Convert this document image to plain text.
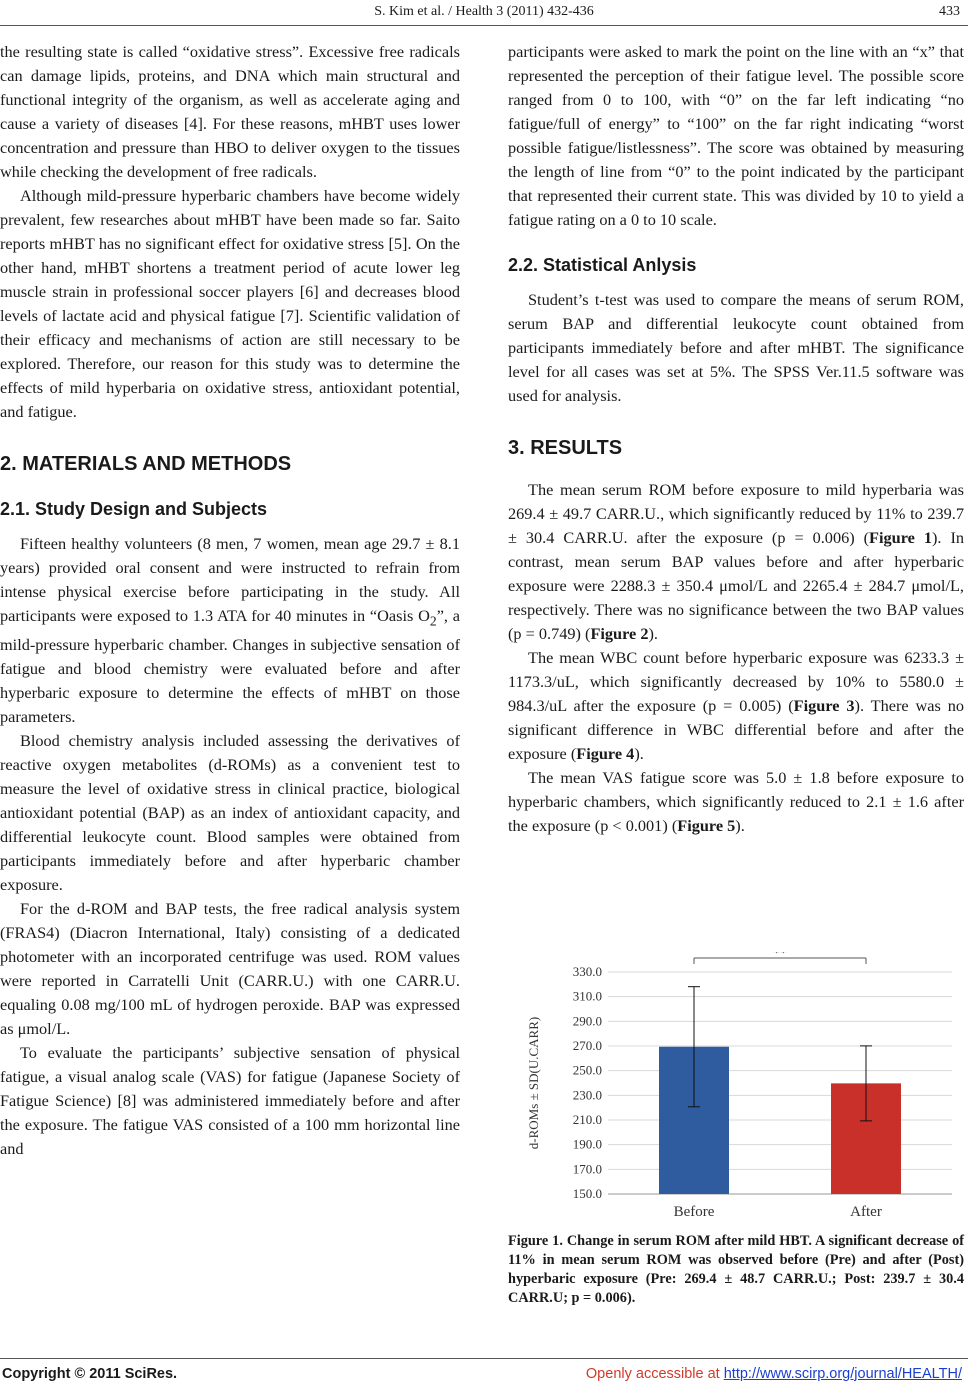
S. Kim et al. / Health 3 (2011) 432-436	433

the resulting state is called “oxidative stress”. Excessive free radicals can damage lipids, proteins, and DNA which main structural and functional integrity of the organism, as well as accelerate aging and cause a variety of diseases [4]. For these reasons, mHBT uses lower concentration and pressure than HBO to deliver oxygen to the tissues while checking the development of free radicals.

Although mild-pressure hyperbaric chambers have become widely prevalent, few researches about mHBT have been made so far. Saito reports mHBT has no significant effect for oxidative stress [5]. On the other hand, mHBT shortens a treatment period of acute lower leg muscle strain in professional soccer players [6] and decreases blood levels of lactate acid and physical fatigue [7]. Scientific validation of their efficacy and mechanisms of action are still necessary to be explored. Therefore, our reason for this study was to determine the effects of mild hyperbaria on oxidative stress, antioxidant potential, and fatigue.

2. MATERIALS AND METHODS
2.1. Study Design and Subjects

Fifteen healthy volunteers (8 men, 7 women, mean age 29.7 ± 8.1 years) provided oral consent and were instructed to refrain from intense physical exercise before participating in the study. All participants were exposed to 1.3 ATA for 40 minutes in “Oasis $O_2$”, a mild-pressure hyperbaric chamber. Changes in subjective sensation of fatigue and blood chemistry were evaluated before and after hyperbaric exposure to determine the effects of mHBT on those parameters.

Blood chemistry analysis included assessing the derivatives of reactive oxygen metabolites (d-ROMs) as a convenient test to measure the level of oxidative stress in clinical practice, biological antioxidant potential (BAP) as an index of antioxidant capacity, and differential leukocyte count. Blood samples were obtained from participants immediately before and after hyperbaric chamber exposure.

For the d-ROM and BAP tests, the free radical analysis system (FRAS4) (Diacron International, Italy) consisting of a dedicated photometer with an incorporated centrifuge was used. ROM values were reported in Carratelli Unit (CARR.U.) with one CARR.U. equaling 0.08 mg/100 mL of hydrogen peroxide. BAP was expressed as μmol/L.

To evaluate the participants’ subjective sensation of physical fatigue, a visual analog scale (VAS) for fatigue (Japanese Society of Fatigue Science) [8] was administered immediately before and after the exposure. The fatigue VAS consisted of a 100 mm horizontal line and

participants were asked to mark the point on the line with an “x” that represented the perception of their fatigue level. The possible score ranged from 0 to 100, with “0” on the far left indicating “no fatigue/full of energy” to “100” on the far right indicating “worst possible fatigue/listlessness”. The score was obtained by measuring the length of line from “0” to the point indicated by the participant that represented their current state. This was divided by 10 to yield a fatigue rating on a 0 to 10 scale.

2.2. Statistical Anlysis

Student’s t-test was used to compare the means of serum ROM, serum BAP and differential leukocyte count obtained from participants immediately before and after mHBT. The significance level for all cases was set at 5%. The SPSS Ver.11.5 software was used for analysis.

3. RESULTS

The mean serum ROM before exposure to mild hyperbaria was 269.4 ± 49.7 CARR.U., which significantly reduced by 11% to 239.7 ± 30.4 CARR.U. after the exposure (p = 0.006) (Figure 1). In contrast, mean serum BAP values before and after hyperbaric exposure were 2288.3 ± 350.4 μmol/L and 2265.4 ± 284.7 μmol/L, respectively. There was no significance between the two BAP values (p = 0.749) (Figure 2).

The mean WBC count before hyperbaric exposure was 6233.3 ± 1173.3/uL, which significantly decreased by 10% to 5580.0 ± 984.3/uL after the exposure (p = 0.005) (Figure 3). There was no significant difference in WBC differential before and after the exposure (Figure 4).

The mean VAS fatigue score was 5.0 ± 1.8 before exposure to hyperbaric chambers, which significantly reduced to 2.1 ± 1.6 after the exposure (p < 0.001) (Figure 5).

150.0
170.0
190.0
210.0
230.0
250.0
270.0
290.0
310.0
330.0
Before	After
d-ROMs ± SD(U.CARR)
**
Figure 1. Change in serum ROM after mild HBT. A significant decrease of 11% in mean serum ROM was observed before (Pre) and after (Post) hyperbaric exposure (Pre: 269.4 ± 48.7 CARR.U.; Post: 239.7 ± 30.4 CARR.U; p = 0.006).
Copyright © 2011 SciRes.	Openly accessible at http://www.scirp.org/journal/HEALTH/
